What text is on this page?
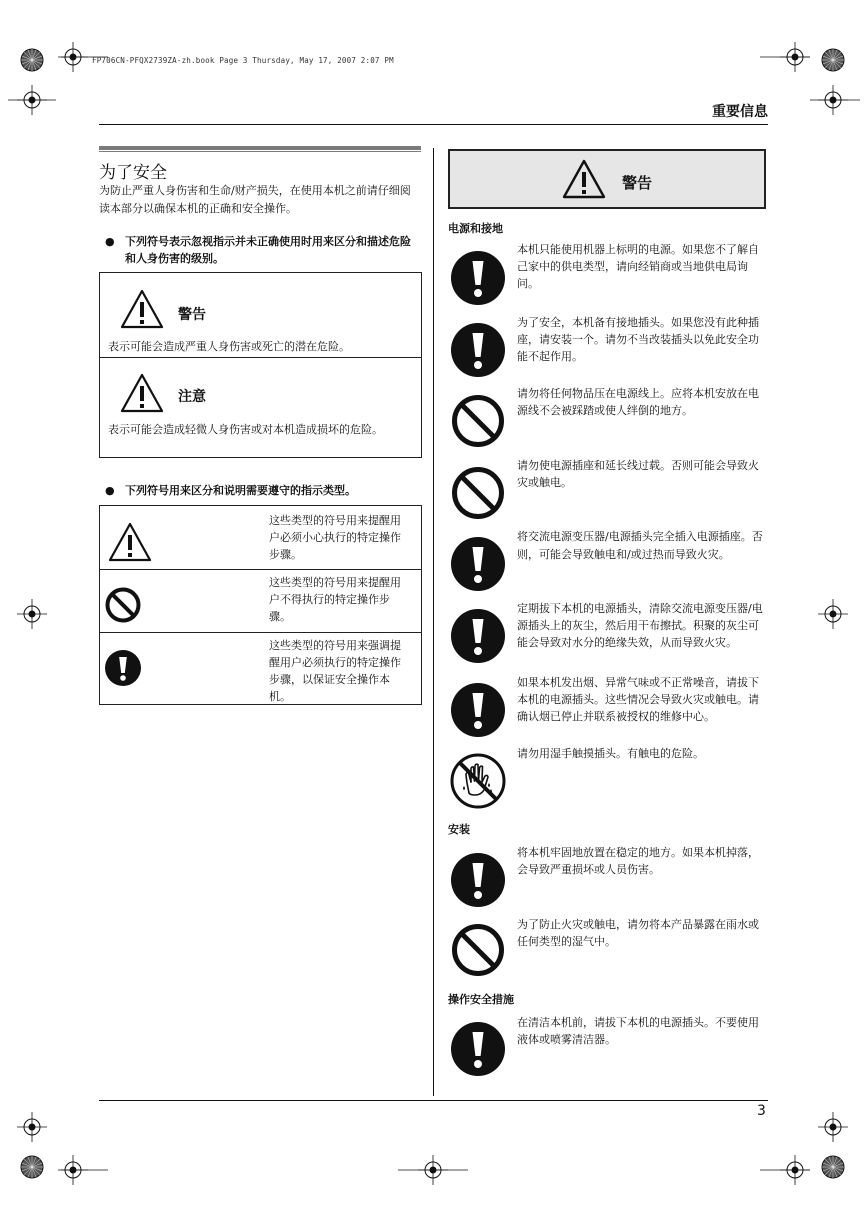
FP706CN-PFQX2739ZA-zh.book Page 3 Thursday, May 17, 2007 2:07 PM
重要信息
为了安全
为防止严重人身伤害和生命/财产损失，在使用本机之前请仔细阅读本部分以确保本机的正确和安全操作。
● 下列符号表示忽视指示并未正确使用时用来区分和描述危险和人身伤害的级别。
警告
表示可能会造成严重人身伤害或死亡的潜在危险。
注意
表示可能会造成轻微人身伤害或对本机造成损坏的危险。
● 下列符号用来区分和说明需要遵守的指示类型。
这些类型的符号用来提醒用户必须小心执行的特定操作步骤。
这些类型的符号用来提醒用户不得执行的特定操作步骤。
这些类型的符号用来强调提醒用户必须执行的特定操作步骤，以保证安全操作本机。
警告
电源和接地
本机只能使用机器上标明的电源。如果您不了解自己家中的供电类型，请向经销商或当地供电局询问。
为了安全，本机备有接地插头。如果您没有此种插座，请安装一个。请勿不当改装插头以免此安全功能不起作用。
请勿将任何物品压在电源线上。应将本机安放在电源线不会被踩踏或使人绊倒的地方。
请勿使电源插座和延长线过载。否则可能会导致火灾或触电。
将交流电源变压器/电源插头完全插入电源插座。否则，可能会导致触电和/或过热而导致火灾。
定期拔下本机的电源插头，清除交流电源变压器/电源插头上的灰尘，然后用干布擦拭。积聚的灰尘可能会导致对水分的绝缘失效，从而导致火灾。
如果本机发出烟、异常气味或不正常噪音，请拔下本机的电源插头。这些情况会导致火灾或触电。请确认烟已停止并联系被授权的维修中心。
请勿用湿手触摸插头。有触电的危险。
安装
将本机牢固地放置在稳定的地方。如果本机掉落，会导致严重损坏或人员伤害。
为了防止火灾或触电，请勿将本产品暴露在雨水或任何类型的湿气中。
操作安全措施
在清洁本机前，请拔下本机的电源插头。不要使用液体或喷雾清洁器。
3
